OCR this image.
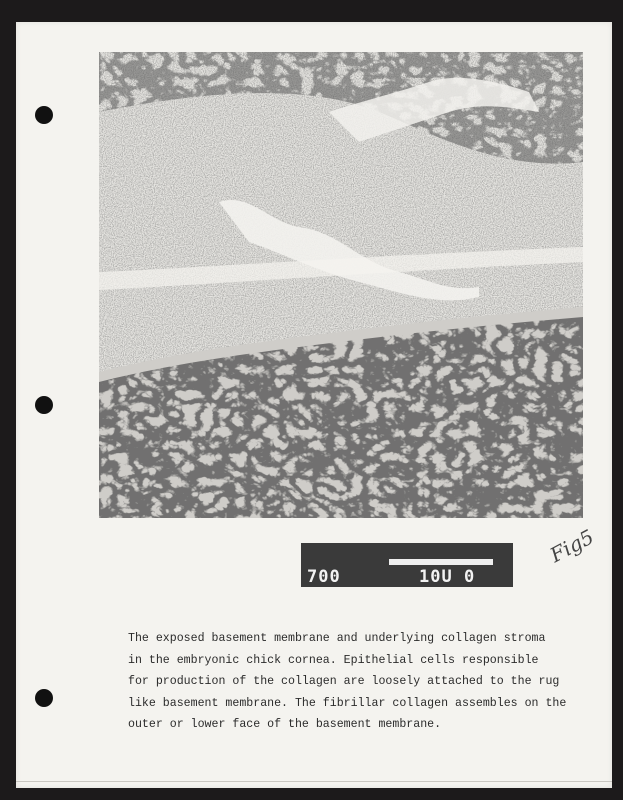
700	10U 0
Fig5

The exposed basement membrane and underlying collagen stroma
in the embryonic chick cornea. Epithelial cells responsible
for production of the collagen are loosely attached to the rug
like basement membrane. The fibrillar collagen assembles on the
outer or lower face of the basement membrane.
